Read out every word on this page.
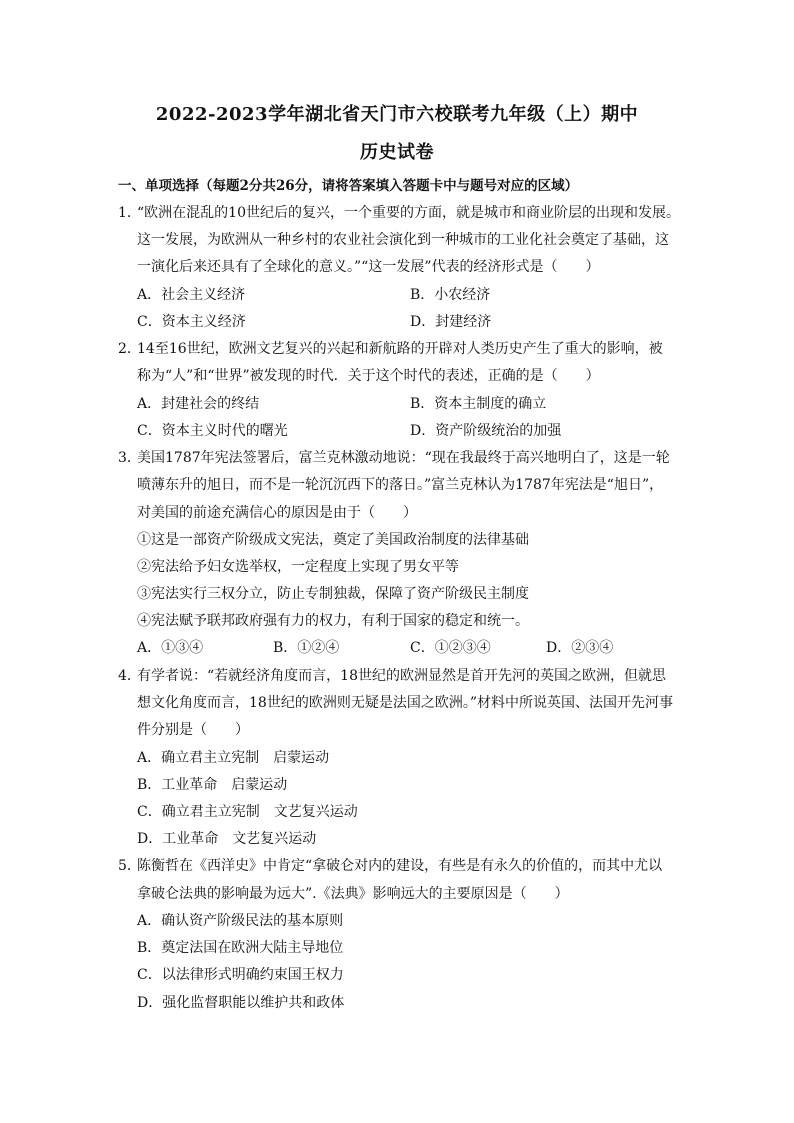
2022-2023学年湖北省天门市六校联考九年级（上）期中
历史试卷
一、单项选择（每题2分共26分，请将答案填入答题卡中与题号对应的区域）
1．
“欧洲在混乱的10世纪后的复兴，一个重要的方面，就是城市和商业阶层的出现和发展。
这一发展，为欧洲从一种乡村的农业社会演化到一种城市的工业化社会奠定了基础，这
一演化后来还具有了全球化的意义。”“这一发展”代表的经济形式是（　　）
A．社会主义经济	B．小农经济
C．资本主义经济	D．封建经济
2．
14至16世纪，欧洲文艺复兴的兴起和新航路的开辟对人类历史产生了重大的影响，被
称为“人”和“世界”被发现的时代．关于这个时代的表述，正确的是（　　）
A．封建社会的终结	B．资本主制度的确立
C．资本主义时代的曙光	D．资产阶级统治的加强
3．
美国1787年宪法签署后，富兰克林激动地说：“现在我最终于高兴地明白了，这是一轮
喷薄东升的旭日，而不是一轮沉沉西下的落日。”富兰克林认为1787年宪法是“旭日”，
对美国的前途充满信心的原因是由于（　　）
①这是一部资产阶级成文宪法，奠定了美国政治制度的法律基础
②宪法给予妇女选举权，一定程度上实现了男女平等
③宪法实行三权分立，防止专制独裁，保障了资产阶级民主制度
④宪法赋予联邦政府强有力的权力，有利于国家的稳定和统一。
A．①③④	B．①②④	C．①②③④	D．②③④
4．
有学者说：“若就经济角度而言，18世纪的欧洲显然是首开先河的英国之欧洲，但就思
想文化角度而言，18世纪的欧洲则无疑是法国之欧洲。”材料中所说英国、法国开先河事
件分别是（　　）
A．确立君主立宪制　启蒙运动
B．工业革命　启蒙运动
C．确立君主立宪制　文艺复兴运动
D．工业革命　文艺复兴运动
5．
陈衡哲在《西洋史》中肯定“拿破仑对内的建设，有些是有永久的价值的，而其中尤以
拿破仑法典的影响最为远大”.《法典》影响远大的主要原因是（　　）
A．确认资产阶级民法的基本原则
B．奠定法国在欧洲大陆主导地位
C．以法律形式明确约束国王权力
D．强化监督职能以维护共和政体
